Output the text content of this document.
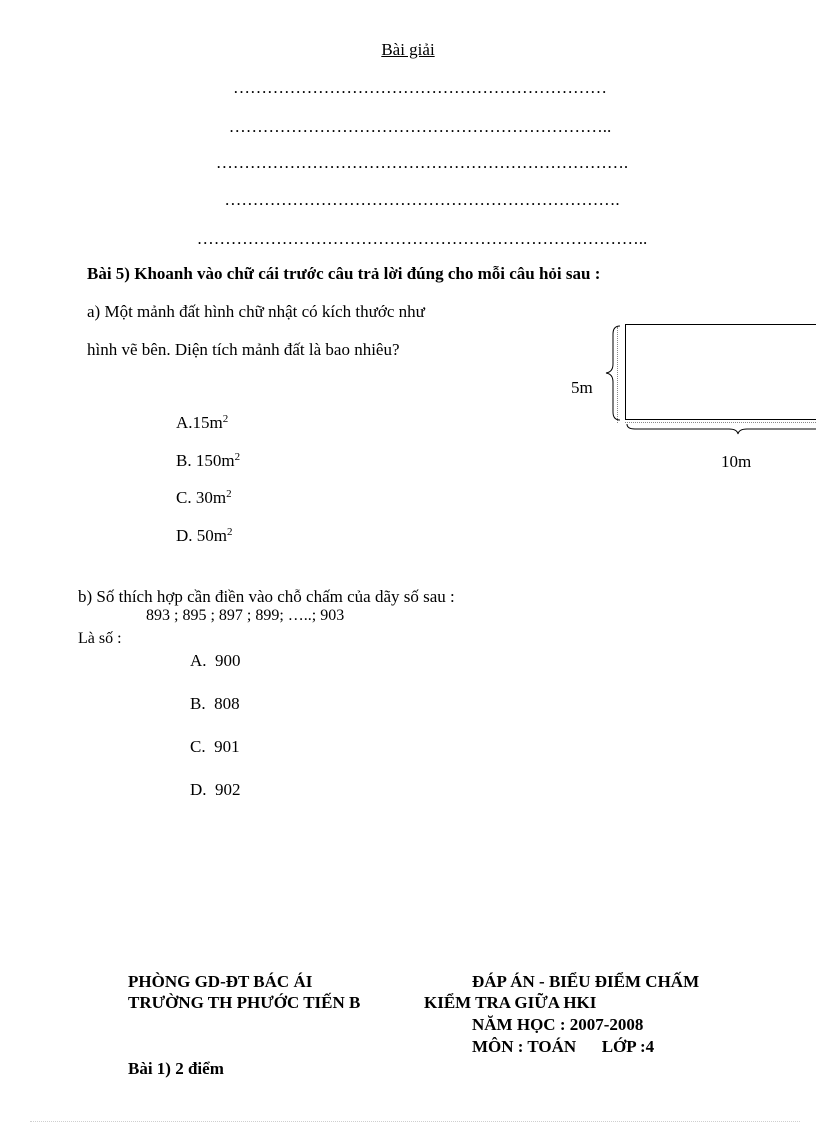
Bài giải
…………………………………………………………
…………………………………………………………..
……………………………………………………………….
…………………………………………………………….
……………………………………………………………………..
Bài 5) Khoanh vào chữ cái trước câu trả lời đúng cho mỗi câu hỏi sau :
a) Một mảnh đất hình chữ nhật có kích thước như
hình vẽ bên. Diện tích mảnh đất là bao nhiêu?
$A.15m^2$
B. $150m^2$
C. $30m^2$
D. $50m^2$
5m
10m
b) Số thích hợp cần điền vào chỗ chấm của dãy số sau :
893 ; 895 ; 897 ; 899; …..; 903
Là số :
A.  900
B.  808
C.  901
D.  902
PHÒNG GD-ĐT BÁC ÁI
TRƯỜNG TH PHƯỚC TIẾN B
ĐÁP ÁN - BIỂU ĐIỂM CHẤM
KIỂM TRA GIỮA HKI
NĂM HỌC : 2007-2008
MÔN : TOÁN      LỚP :4
Bài 1) 2 điểm
